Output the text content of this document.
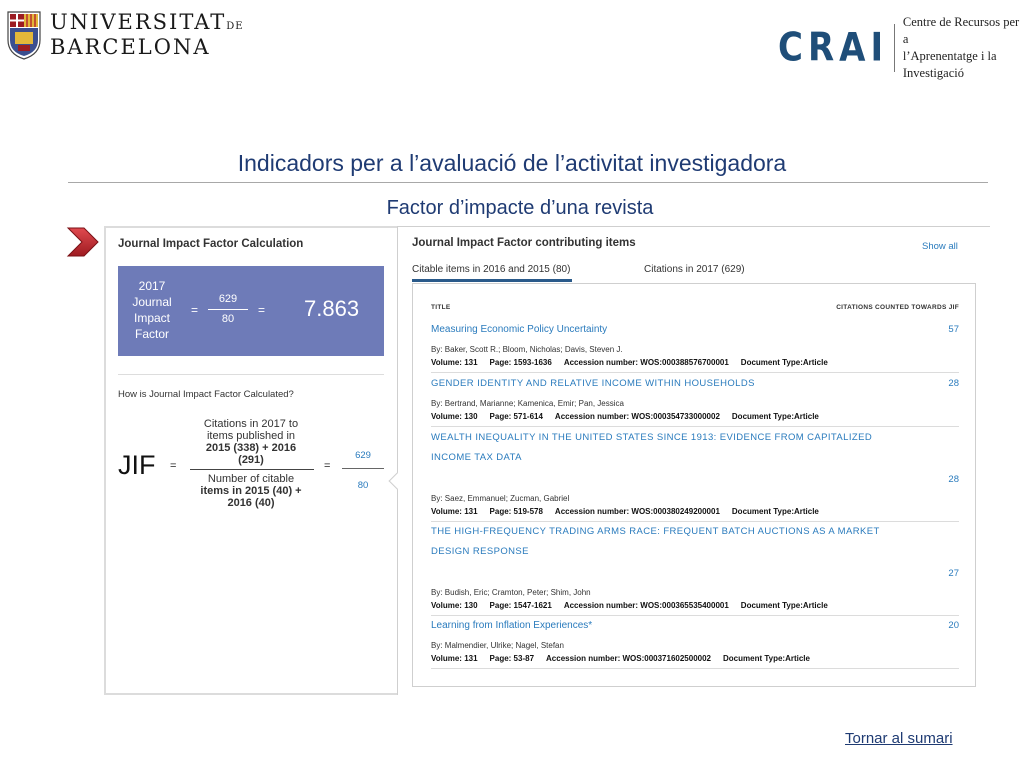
UNIVERSITATDE
BARCELONA	CRAI
Centre de Recursos per a
l’Aprenentatge i la Investigació
Indicadors per a l’avaluació de l’activitat investigadora
Factor d’impacte d’una revista
Journal Impact Factor Calculation
2017
Journal
Impact
Factor
=
629
80
= 7.863
How is Journal Impact Factor Calculated?
JIF =
Citations in 2017 to
items published in
2015 (338) + 2016
(291)
Number of citable
items in 2015 (40) +
2016 (40)
=
629
80
Journal Impact Factor contributing items	Show all
Citable items in 2016 and 2015 (80)	Citations in 2017 (629)
TITLE	CITATIONS COUNTED TOWARDS JIF
Measuring Economic Policy Uncertainty	57
By: Baker, Scott R.; Bloom, Nicholas; Davis, Steven J.
Volume: 131 Page: 1593-1636 Accession number: WOS:000388576700001 Document Type:Article
GENDER IDENTITY AND RELATIVE INCOME WITHIN HOUSEHOLDS	28
By: Bertrand, Marianne; Kamenica, Emir; Pan, Jessica
Volume: 130 Page: 571-614 Accession number: WOS:000354733000002 Document Type:Article
WEALTH INEQUALITY IN THE UNITED STATES SINCE 1913: EVIDENCE FROM CAPITALIZED
INCOME TAX DATA
28
By: Saez, Emmanuel; Zucman, Gabriel
Volume: 131 Page: 519-578 Accession number: WOS:000380249200001 Document Type:Article
THE HIGH-FREQUENCY TRADING ARMS RACE: FREQUENT BATCH AUCTIONS AS A MARKET
DESIGN RESPONSE
27
By: Budish, Eric; Cramton, Peter; Shim, John
Volume: 130 Page: 1547-1621 Accession number: WOS:000365535400001 Document Type:Article
Learning from Inflation Experiences*	20
By: Malmendier, Ulrike; Nagel, Stefan
Volume: 131 Page: 53-87 Accession number: WOS:000371602500002 Document Type:Article
Tornar al sumari
